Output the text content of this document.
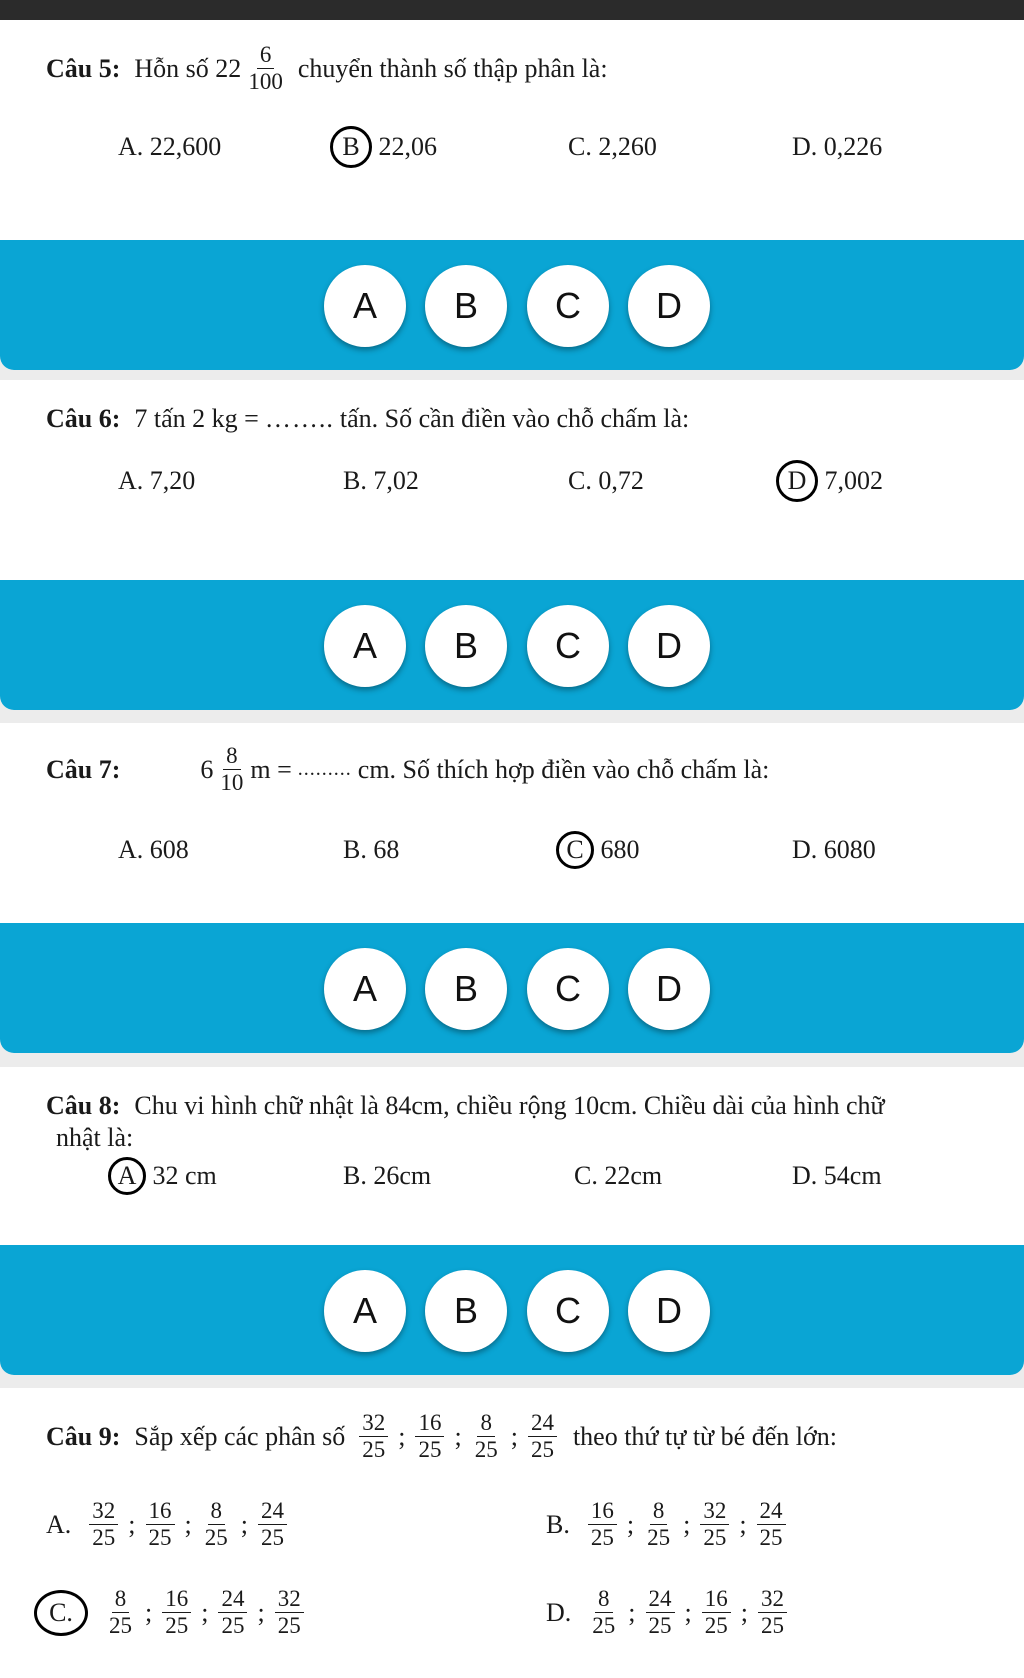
Câu 5: Hỗn số $22 \frac{6}{100}$ chuyển thành số thập phân là:
A. 22,600	B 22,06	C. 2,260	D. 0,226
A	B	C	D
Câu 6: 7 tấn 2 kg = …….. tấn. Số cần điền vào chỗ chấm là:
A. 7,20	B. 7,02	C. 0,72	D 7,002
A	B	C	D
Câu 7:	$6 \frac{8}{10}$ m = ......... cm. Số thích hợp điền vào chỗ chấm là:
A. 608	B. 68	C 680	D. 6080
A	B	C	D
Câu 8: Chu vi hình chữ nhật là 84cm, chiều rộng 10cm. Chiều dài của hình chữ
nhật là:
A 32 cm	B. 26cm	C. 22cm	D. 54cm
A	B	C	D
Câu 9: Sắp xếp các phân số $\frac{32}{25}$ ; $\frac{16}{25}$ ; $\frac{8}{25}$ ; $\frac{24}{25}$ theo thứ tự từ bé đến lớn:
A. $\frac{32}{25}$ ; $\frac{16}{25}$ ; $\frac{8}{25}$ ; $\frac{24}{25}$	B. $\frac{16}{25}$ ; $\frac{8}{25}$ ; $\frac{32}{25}$ ; $\frac{24}{25}$
C.	$\frac{8}{25}$ ; $\frac{16}{25}$ ; $\frac{24}{25}$ ; $\frac{32}{25}$	D. $\frac{8}{25}$ ; $\frac{24}{25}$ ; $\frac{16}{25}$ ; $\frac{32}{25}$
